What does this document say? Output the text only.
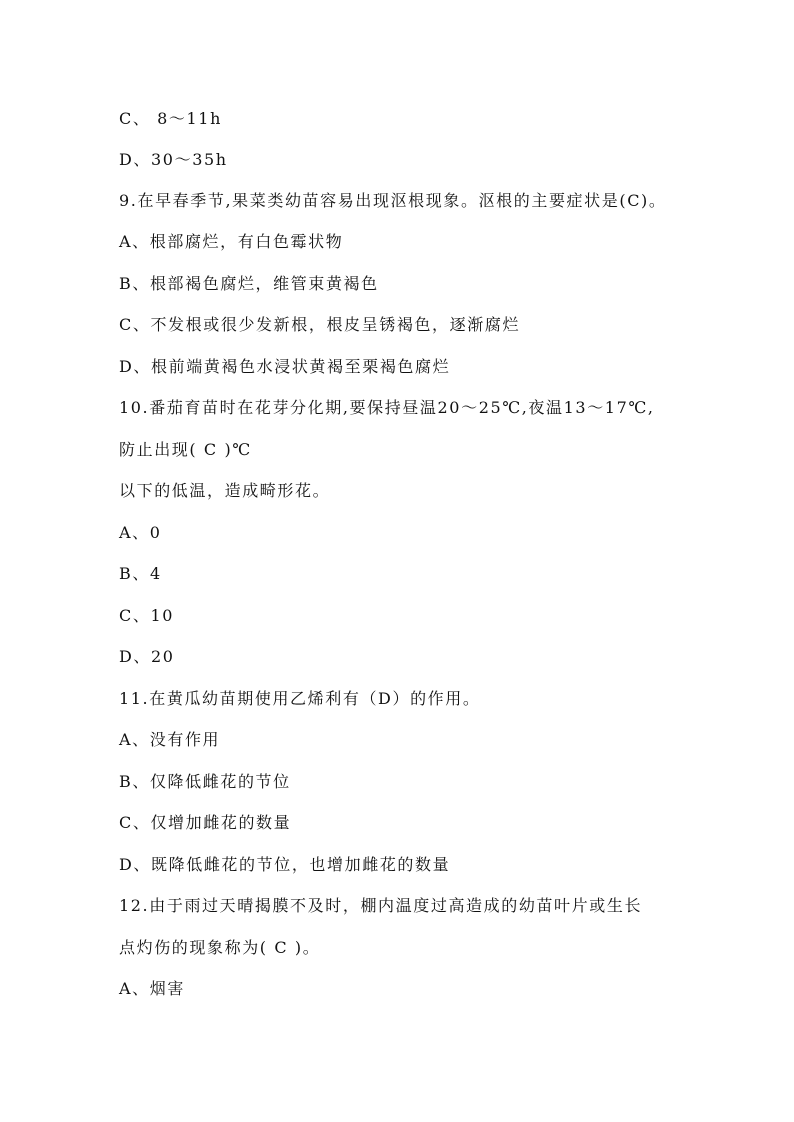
C、 8～11h
D、30～35h
9.在早春季节,果菜类幼苗容易出现沤根现象。沤根的主要症状是(C)。
A、根部腐烂，有白色霉状物
B、根部褐色腐烂，维管束黄褐色
C、不发根或很少发新根，根皮呈锈褐色，逐渐腐烂
D、根前端黄褐色水浸状黄褐至栗褐色腐烂
10.番茄育苗时在花芽分化期,要保持昼温20～25℃,夜温13～17℃,
防止出现( C )℃
以下的低温，造成畸形花。
A、0
B、4
C、10
D、20
11.在黄瓜幼苗期使用乙烯利有（D）的作用。
A、没有作用
B、仅降低雌花的节位
C、仅增加雌花的数量
D、既降低雌花的节位，也增加雌花的数量
12.由于雨过天晴揭膜不及时，棚内温度过高造成的幼苗叶片或生长
点灼伤的现象称为( C )。
A、烟害
